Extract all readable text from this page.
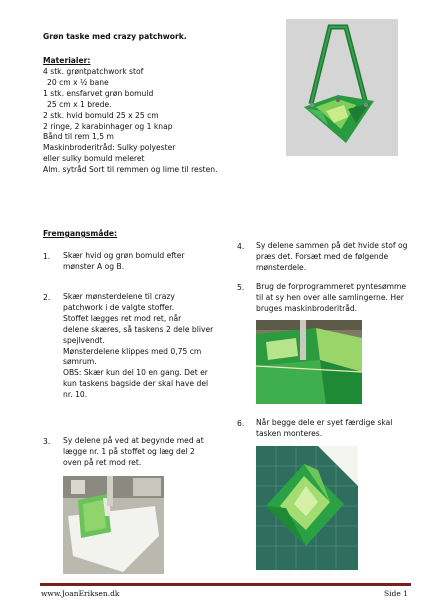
Grøn taske med crazy patchwork.
Materialer:
4 stk. grøntpatchwork stof
20 cm x ½ bane
1 stk. ensfarvet grøn bomuld
25 cm x 1 brede.
2 stk. hvid bomuld 25 x 25 cm
2 ringe, 2 karabinhager og 1 knap
Bånd til rem 1,5 m
Maskinbroderitråd: Sulky polyester
eller sulky bomuld meleret
Alm. sytråd Sort til remmen og lime til resten.
Fremgangsmåde:
1. Skær hvid og grøn bomuld efter
mønster A og B.
2. Skær mønsterdelene til crazy
patchwork i de valgte stoffer.
Stoffet lægges ret mod ret, når
delene skæres, så taskens 2 dele bliver
spejlvendt.
Mønsterdelene klippes med 0,75 cm
sømrum.
OBS: Skær kun del 10 en gang. Det er
kun taskens bagside der skal have del
nr. 10.
3. Sy delene på ved at begynde med at
lægge nr. 1 på stoffet og læg del 2
oven på ret mod ret.
4. Sy delene sammen på det hvide stof og
præs det. Forsæt med de følgende
mønsterdele.
5. Brug de forprogrammeret pyntesømme
til at sy hen over alle samlingerne. Her
bruges maskinbroderitråd.
6. Når begge dele er syet færdige skal
tasken monteres.
www.JoanEriksen.dk	Side 1
